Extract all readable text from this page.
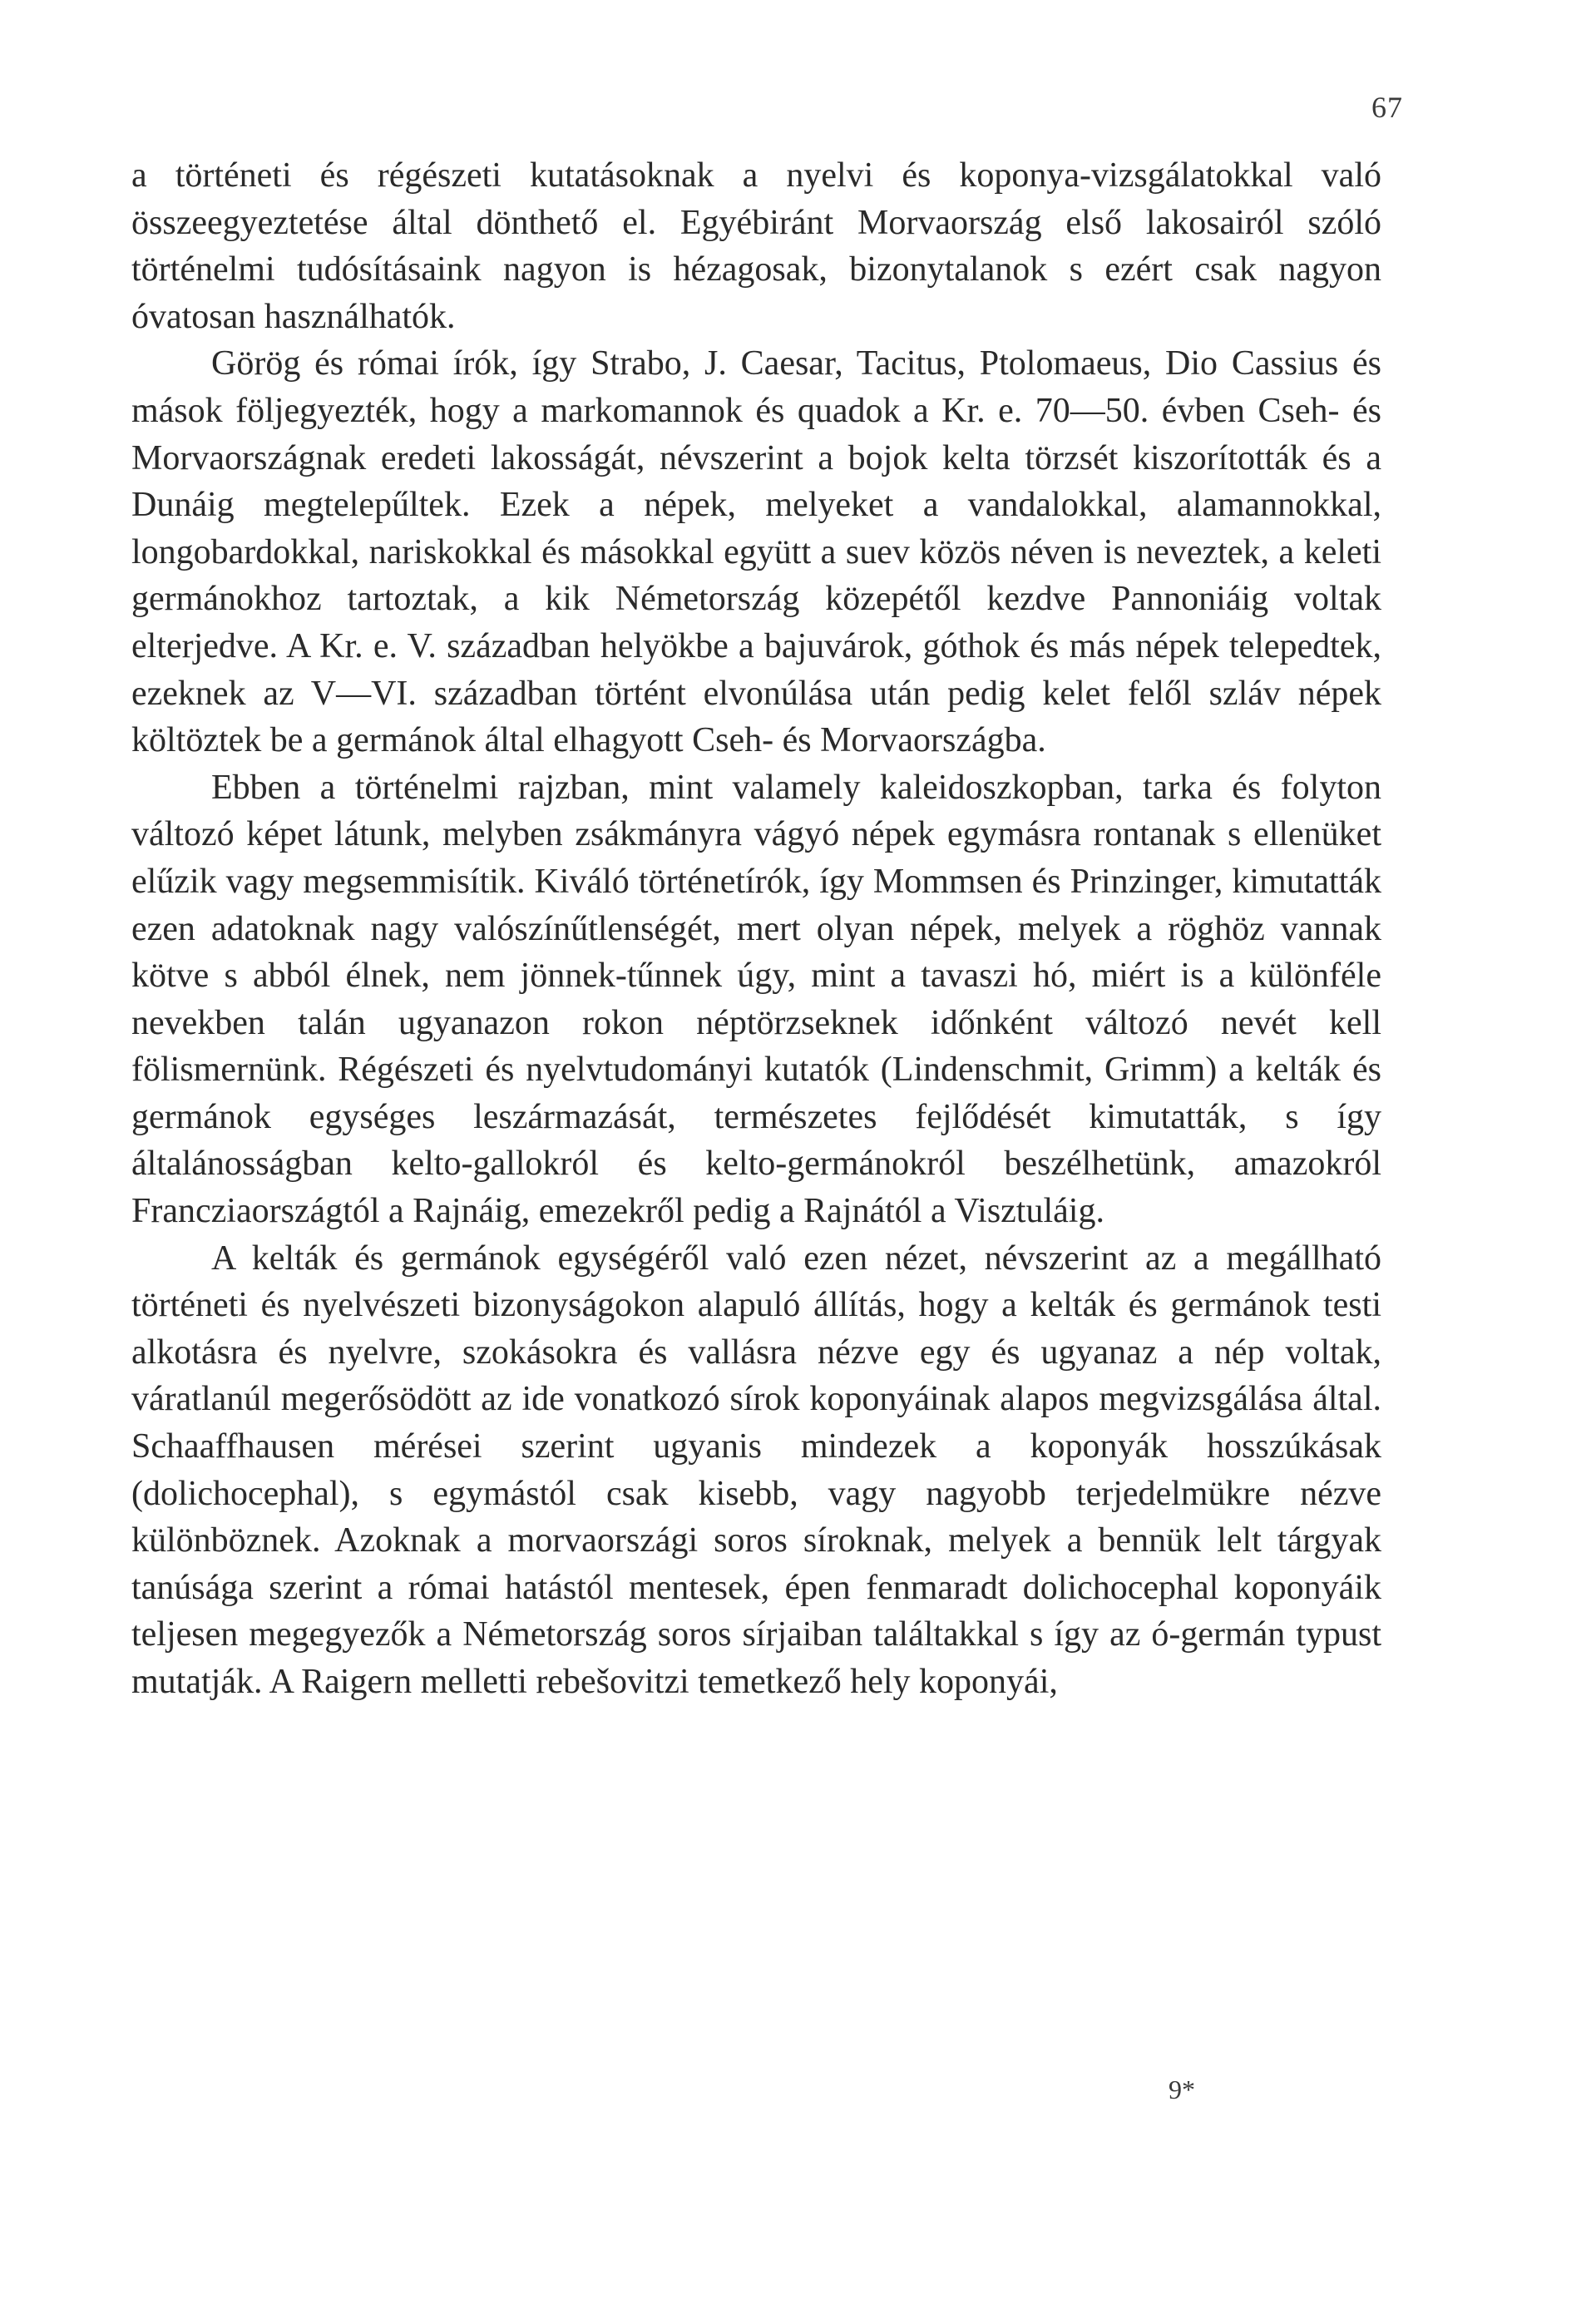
67

a történeti és régészeti kutatásoknak a nyelvi és koponya-vizsgálatokkal való összeegyeztetése által dönthető el. Egyébiránt Morvaország első lakosairól szóló történelmi tudósításaink nagyon is hézagosak, bizonytalanok s ezért csak nagyon óvatosan használhatók.

Görög és római írók, így Strabo, J. Caesar, Tacitus, Ptolomaeus, Dio Cassius és mások följegyezték, hogy a markomannok és quadok a Kr. e. 70—50. évben Cseh- és Morvaországnak eredeti lakosságát, névszerint a bojok kelta törzsét kiszorították és a Dunáig megtelepűltek. Ezek a népek, melyeket a vandalokkal, alamannokkal, longobardokkal, nariskokkal és másokkal együtt a suev közös néven is neveztek, a keleti germánokhoz tartoztak, a kik Németország közepétől kezdve Pannoniáig voltak elterjedve. A Kr. e. V. században helyökbe a bajuvárok, góthok és más népek telepedtek, ezeknek az V—VI. században történt elvonúlása után pedig kelet felől szláv népek költöztek be a germánok által elhagyott Cseh- és Morvaországba.

Ebben a történelmi rajzban, mint valamely kaleidoszkopban, tarka és folyton változó képet látunk, melyben zsákmányra vágyó népek egymásra rontanak s ellenüket elűzik vagy megsemmisítik. Kiváló történetírók, így Mommsen és Prinzinger, kimutatták ezen adatoknak nagy valószínűtlenségét, mert olyan népek, melyek a röghöz vannak kötve s abból élnek, nem jönnek-tűnnek úgy, mint a tavaszi hó, miért is a különféle nevekben talán ugyanazon rokon néptörzseknek időnként változó nevét kell fölismernünk. Régészeti és nyelvtudományi kutatók (Lindenschmit, Grimm) a kelták és germánok egységes leszármazását, természetes fejlődését kimutatták, s így általánosságban kelto-gallokról és kelto-germánokról beszélhetünk, amazokról Francziaországtól a Rajnáig, emezekről pedig a Rajnától a Visztuláig.

A kelták és germánok egységéről való ezen nézet, névszerint az a megállható történeti és nyelvészeti bizonyságokon alapuló állítás, hogy a kelták és germánok testi alkotásra és nyelvre, szokásokra és vallásra nézve egy és ugyanaz a nép voltak, váratlanúl megerősödött az ide vonatkozó sírok koponyáinak alapos megvizsgálása által. Schaaffhausen mérései szerint ugyanis mindezek a koponyák hosszúkásak (dolichocephal), s egymástól csak kisebb, vagy nagyobb terjedelmükre nézve különböznek. Azoknak a morvaországi soros síroknak, melyek a bennük lelt tárgyak tanúsága szerint a római hatástól mentesek, épen fenmaradt dolichocephal koponyáik teljesen megegyezők a Németország soros sírjaiban találtakkal s így az ó-germán typust mutatják. A Raigern melletti rebešovitzi temetkező hely koponyái,

9*
